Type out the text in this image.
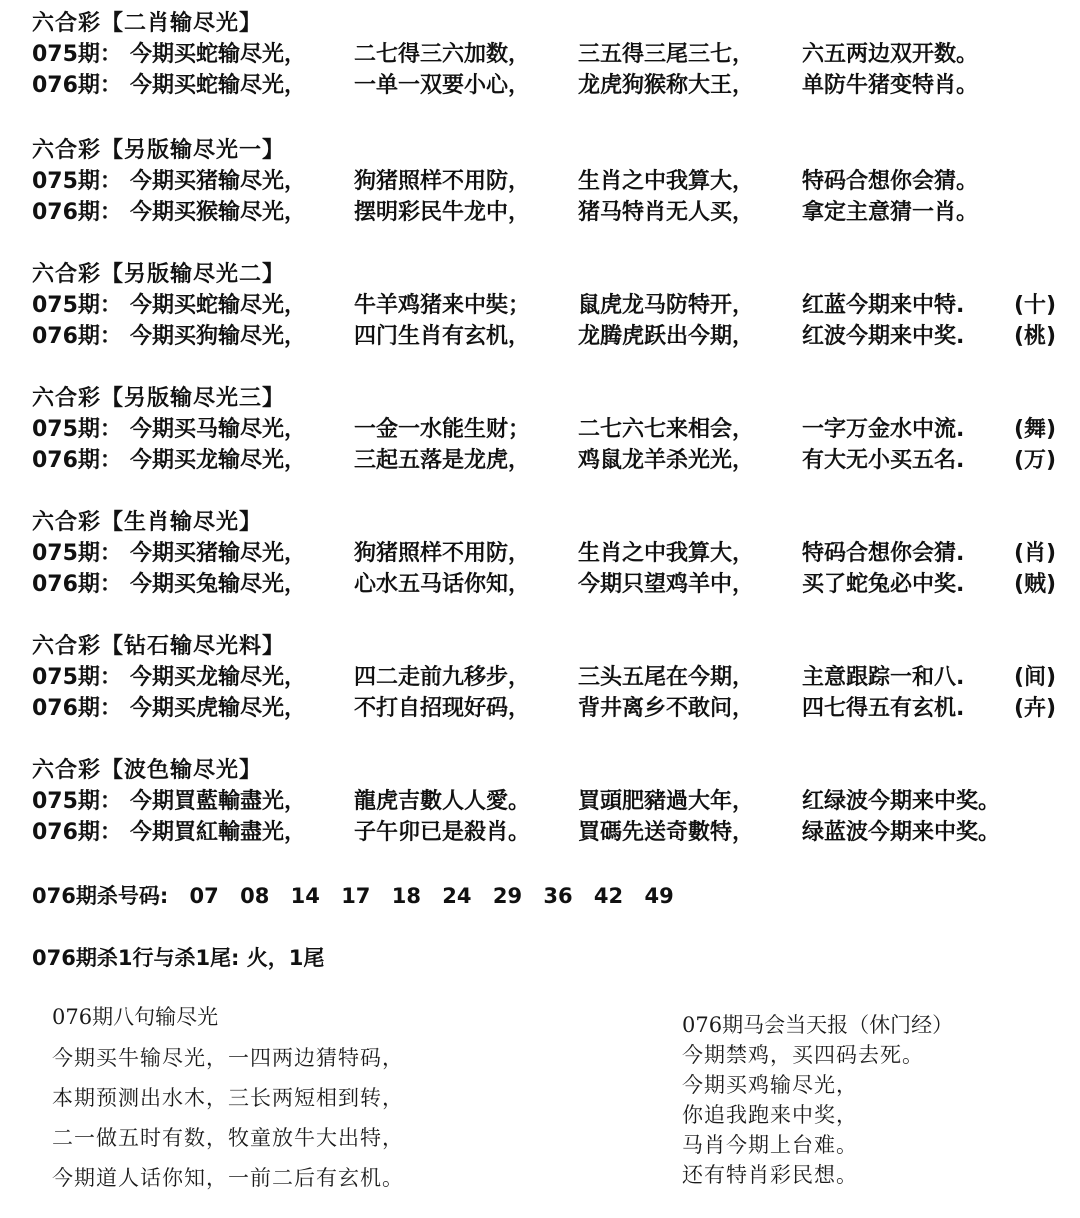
六合彩【二肖输尽光】
075期： 今期买蛇输尽光， 二七得三六加数， 三五得三尾三七， 六五两边双开数。
076期： 今期买蛇输尽光， 一单一双要小心， 龙虎狗猴称大王， 单防牛猪变特肖。
六合彩【另版输尽光一】
075期： 今期买猪输尽光， 狗猪照样不用防， 生肖之中我算大， 特码合想你会猜。
076期： 今期买猴输尽光， 摆明彩民牛龙中， 猪马特肖无人买， 拿定主意猜一肖。
六合彩【另版输尽光二】
075期： 今期买蛇输尽光， 牛羊鸡猪来中奘； 鼠虎龙马防特开， 红蓝今期来中特. (十)
076期： 今期买狗输尽光， 四门生肖有玄机， 龙腾虎跃出今期， 红波今期来中奖. (桃)
六合彩【另版输尽光三】
075期： 今期买马输尽光， 一金一水能生财； 二七六七来相会， 一字万金水中流. (舞)
076期： 今期买龙输尽光， 三起五落是龙虎， 鸡鼠龙羊杀光光， 有大无小买五名. (万)
六合彩【生肖输尽光】
075期： 今期买猪输尽光， 狗猪照样不用防， 生肖之中我算大， 特码合想你会猜. (肖)
076期： 今期买兔输尽光， 心水五马话你知， 今期只望鸡羊中， 买了蛇兔必中奖. (贼)
六合彩【钻石输尽光料】
075期： 今期买龙输尽光， 四二走前九移步， 三头五尾在今期， 主意跟踪一和八. (间)
076期： 今期买虎输尽光， 不打自招现好码， 背井离乡不敢问， 四七得五有玄机. (卉)
六合彩【波色输尽光】
075期： 今期買藍輸盡光， 龍虎吉數人人愛。 買頭肥豬過大年， 红绿波今期来中奖。
076期： 今期買紅輸盡光， 子午卯已是殺肖。 買碼先送奇數特， 绿蓝波今期来中奖。
076期杀号码: 07 08 14 17 18 24 29 36 42 49
076期杀1行与杀1尾: 火，1尾
076期八句输尽光
今期买牛输尽光，一四两边猜特码，
本期预测出水木，三长两短相到转，
二一做五时有数，牧童放牛大出特，
今期道人话你知，一前二后有玄机。
076期马会当天报（休门经）
今期禁鸡，买四码去死。
今期买鸡输尽光，
你追我跑来中奖，
马肖今期上台难。
还有特肖彩民想。
